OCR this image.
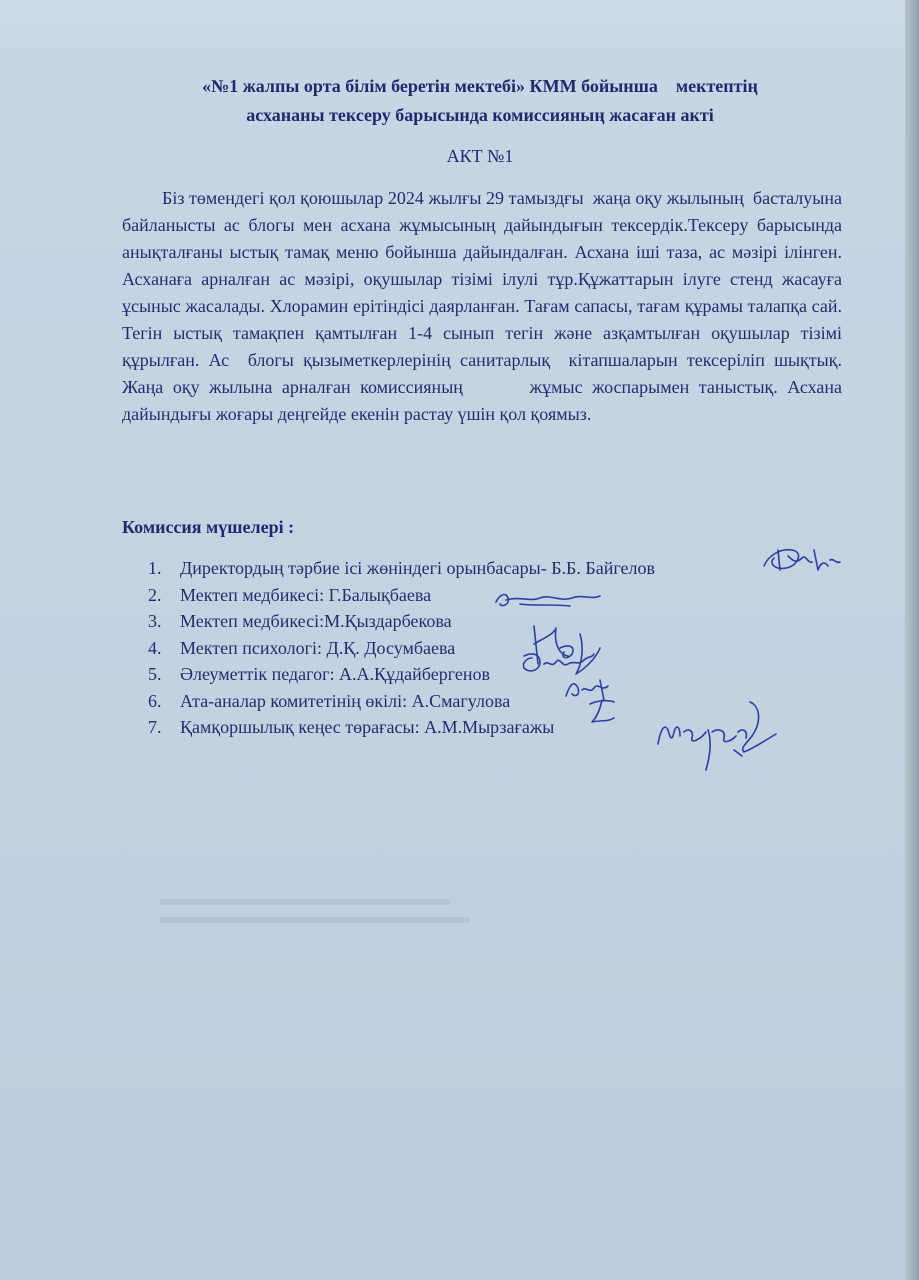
«№1 жалпы орта білім беретін мектебі» КММ бойынша    мектептің
асхананы тексеру барысында комиссияның жасаған акті
АКТ №1

Біз төмендегі қол қоюшылар 2024 жылғы 29 тамыздғы  жаңа оқу жылының  басталуына байланысты ас блогы мен асхана жұмысының дайындығын тексердік.Тексеру барысында анықталғаны ыстық тамақ меню бойынша дайындалған. Асхана іші таза, ас мәзірі ілінген. Асханаға арналған ас мәзірі, оқушылар тізімі ілулі тұр.Құжаттарын ілуге стенд жасауға ұсыныс жасалады. Хлорамин ерітіндісі даярланған. Тағам сапасы, тағам құрамы талапқа сай. Тегін ыстық тамақпен қамтылған 1-4 сынып тегін және азқамтылған оқушылар тізімі құрылған. Ас  блогы қызыметкерлерінің санитарлық  кітапшаларын тексеріліп шықтық. Жаңа оқу жылына арналған комиссияның       жұмыс жоспарымен таныстық. Асхана дайындығы жоғары деңгейде екенін растау үшін қол қоямыз.

Комиссия мүшелері :
1. Директордың тәрбие ісі жөніндегі орынбасары- Б.Б. Байгелов
2. Мектеп медбикесі: Г.Балықбаева
3. Мектеп медбикесі:М.Қыздарбекова
4. Мектеп психологі: Д.Қ. Досумбаева
5. Әлеуметтік педагог: А.А.Құдайбергенов
6. Ата-аналар комитетінің өкілі: А.Смагулова
7. Қамқоршылық кеңес төрағасы: А.М.Мырзағажы
